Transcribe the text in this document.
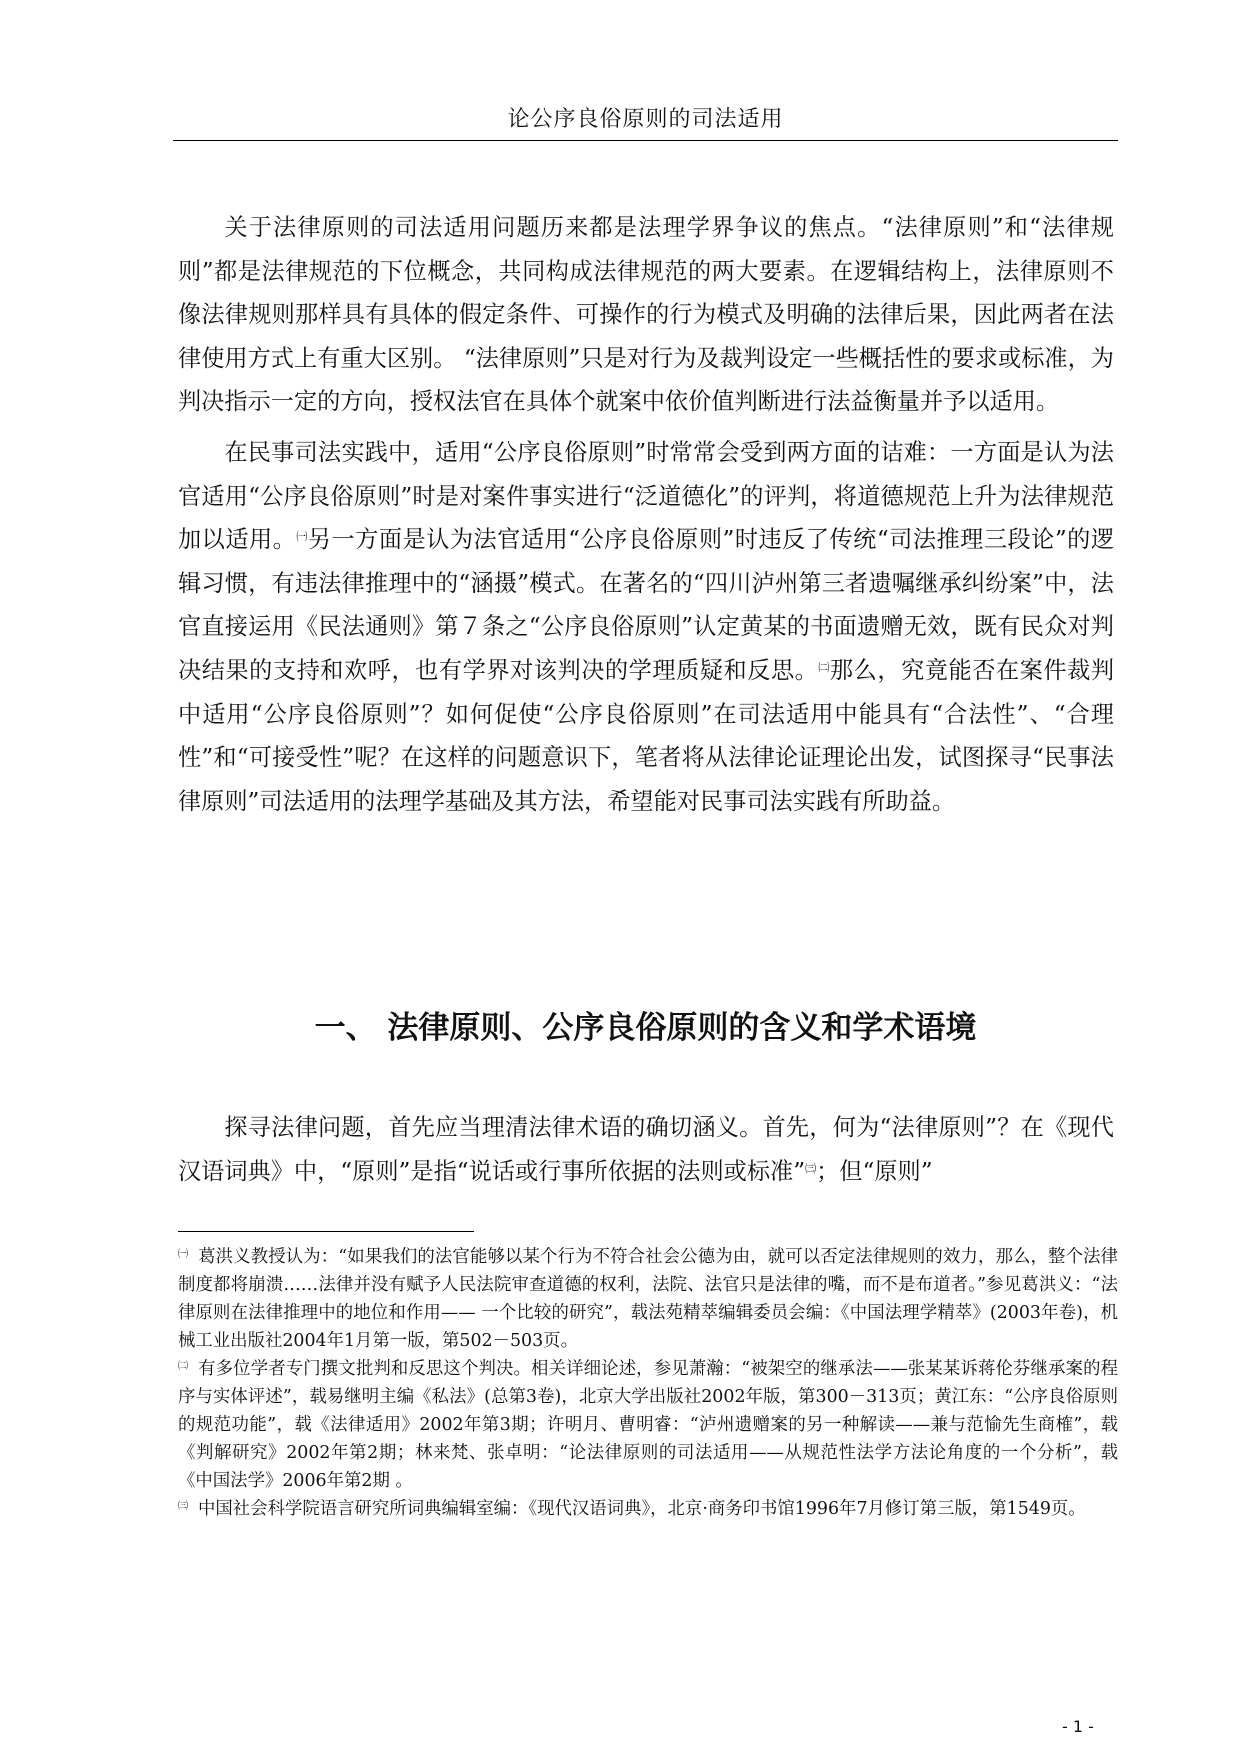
论公序良俗原则的司法适用

关于法律原则的司法适用问题历来都是法理学界争议的焦点。“法律原则”和“法律规则”都是法律规范的下位概念，共同构成法律规范的两大要素。在逻辑结构上，法律原则不像法律规则那样具有具体的假定条件、可操作的行为模式及明确的法律后果，因此两者在法律使用方式上有重大区别。 “法律原则”只是对行为及裁判设定一些概括性的要求或标准，为判决指示一定的方向，授权法官在具体个就案中依价值判断进行法益衡量并予以适用。

在民事司法实践中，适用“公序良俗原则”时常常会受到两方面的诘难：一方面是认为法官适用“公序良俗原则”时是对案件事实进行“泛道德化”的评判，将道德规范上升为法律规范加以适用。$^㈠$另一方面是认为法官适用“公序良俗原则”时违反了传统“司法推理三段论”的逻辑习惯，有违法律推理中的“涵摄”模式。在著名的“四川泸州第三者遗嘱继承纠纷案”中，法官直接运用《民法通则》第７条之“公序良俗原则”认定黄某的书面遗赠无效，既有民众对判决结果的支持和欢呼，也有学界对该判决的学理质疑和反思。$^㈡$那么，究竟能否在案件裁判中适用“公序良俗原则”？如何促使“公序良俗原则”在司法适用中能具有“合法性”、“合理性”和“可接受性”呢？在这样的问题意识下，笔者将从法律论证理论出发，试图探寻“民事法律原则”司法适用的法理学基础及其方法，希望能对民事司法实践有所助益。

一、 法律原则、公序良俗原则的含义和学术语境

探寻法律问题，首先应当理清法律术语的确切涵义。首先，何为“法律原则”？在《现代汉语词典》中，“原则”是指“说话或行事所依据的法则或标准”$^㈢$；但“原则”

$^㈠$ 葛洪义教授认为：“如果我们的法官能够以某个行为不符合社会公德为由，就可以否定法律规则的效力，那么，整个法律制度都将崩溃……法律并没有赋予人民法院审查道德的权利，法院、法官只是法律的嘴，而不是布道者。”参见葛洪义：“法律原则在法律推理中的地位和作用—— 一个比较的研究”，载法苑精萃编辑委员会编：《中国法理学精萃》(2003年卷)，机械工业出版社2004年1月第一版，第502－503页。

$^㈡$ 有多位学者专门撰文批判和反思这个判决。相关详细论述，参见萧瀚：“被架空的继承法——张某某诉蒋伦芬继承案的程序与实体评述”，载易继明主编《私法》(总第3卷)，北京大学出版社2002年版，第300－313页；黄江东：“公序良俗原则的规范功能”，载《法律适用》2002年第3期；许明月、曹明睿：“泸州遗赠案的另一种解读——兼与范愉先生商榷”，载《判解研究》2002年第2期；林来梵、张卓明：“论法律原则的司法适用——从规范性法学方法论角度的一个分析”，载《中国法学》2006年第2期 。

$^㈢$ 中国社会科学院语言研究所词典编辑室编：《现代汉语词典》，北京·商务印书馆1996年7月修订第三版，第1549页。

- 1 -
